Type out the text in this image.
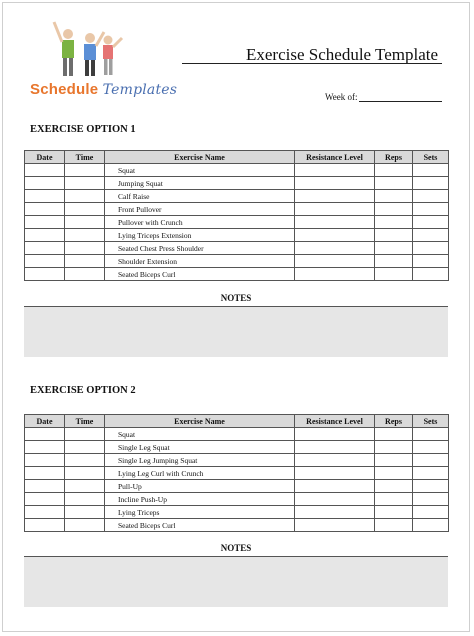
Schedule Templates
Exercise Schedule Template
Week of:
EXERCISE OPTION 1
Date	Time	Exercise Name	Resistance Level	Reps	Sets
		Squat			
		Jumping Squat			
		Calf Raise			
		Front Pullover			
		Pullover with Crunch			
		Lying Triceps Extension			
		Seated Chest Press Shoulder			
		Shoulder Extension			
		Seated Biceps Curl			
NOTES
EXERCISE OPTION 2
Date	Time	Exercise Name	Resistance Level	Reps	Sets
		Squat			
		Single Leg Squat			
		Single Leg Jumping Squat			
		Lying Leg Curl with Crunch			
		Pull-Up			
		Incline Push-Up			
		Lying Triceps			
		Seated Biceps Curl			
NOTES
